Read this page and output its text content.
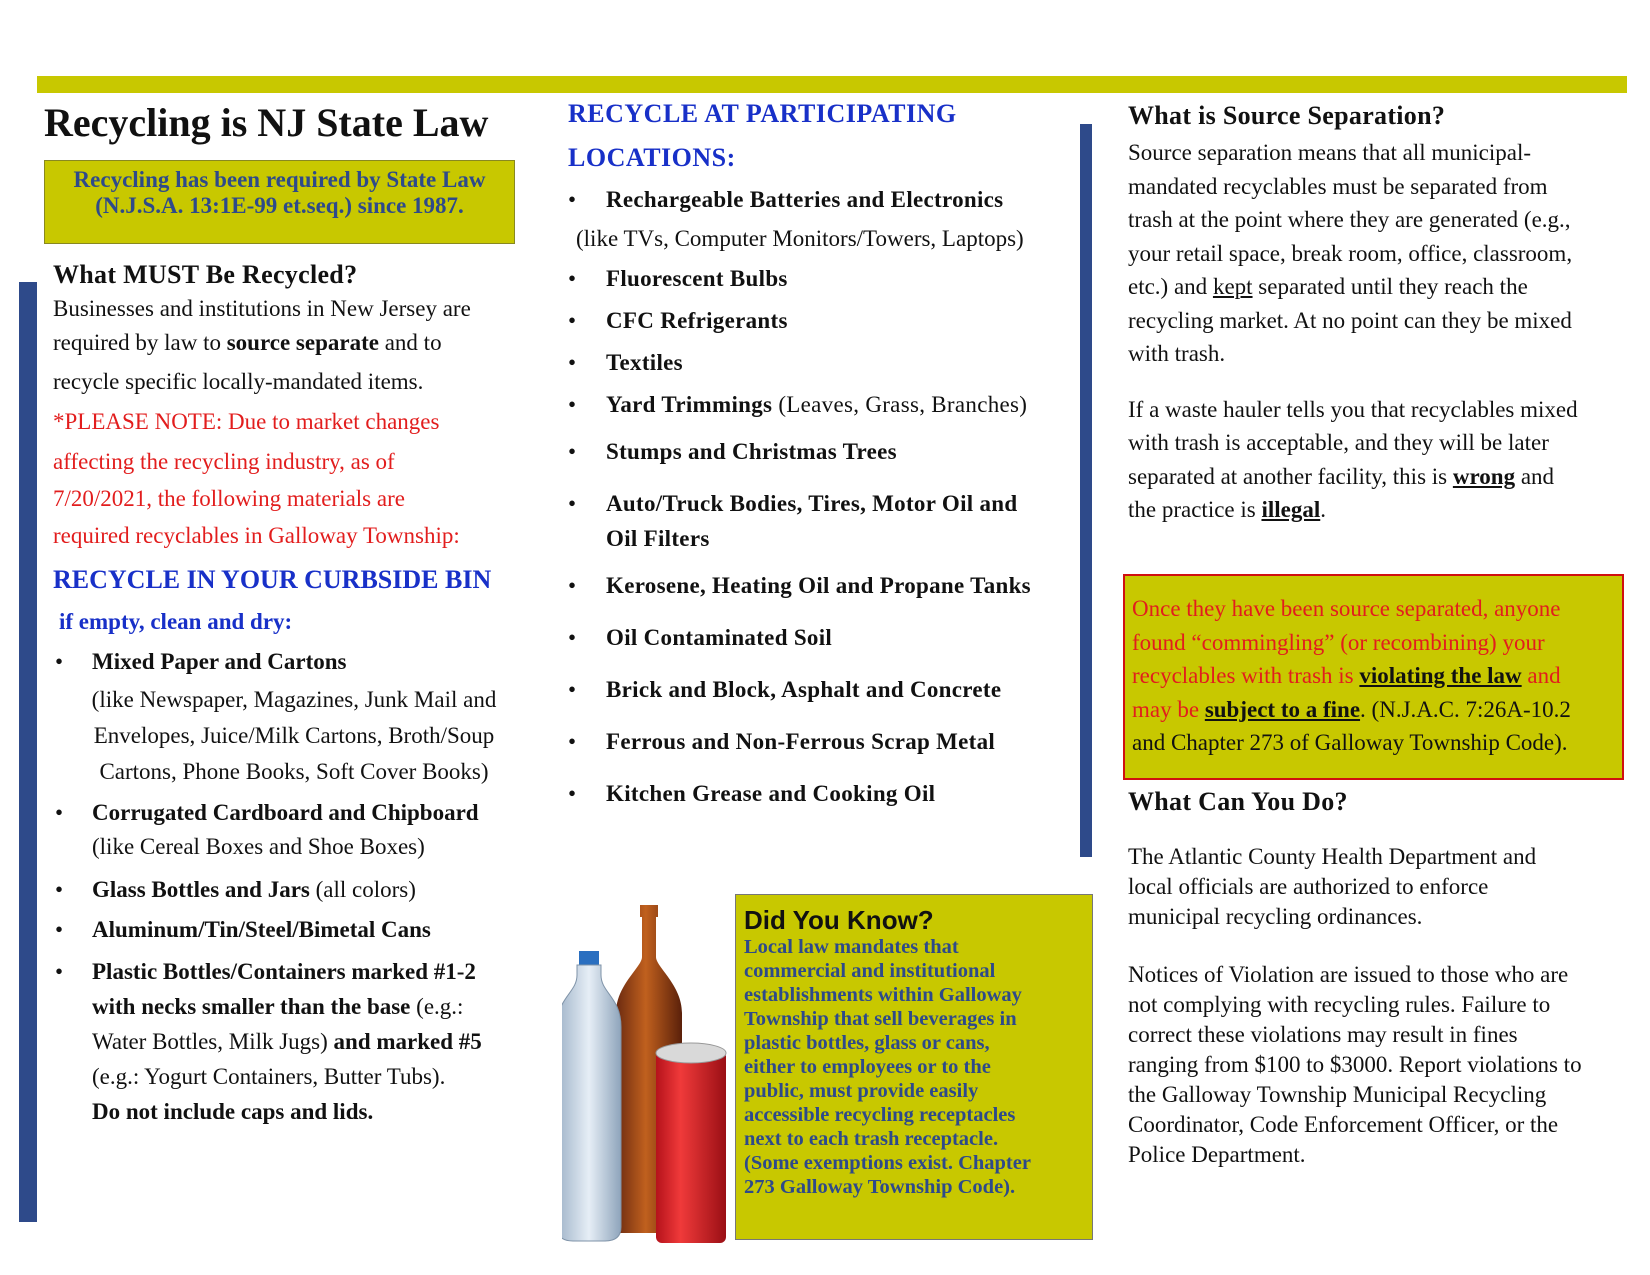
Recycling is NJ State Law
Recycling has been required by State Law
(N.J.S.A. 13:1E-99 et.seq.) since 1987.
What MUST Be Recycled?
Businesses and institutions in New Jersey are
required by law to source separate and to
recycle specific locally-mandated items.
*PLEASE NOTE: Due to market changes
affecting the recycling industry, as of
7/20/2021, the following materials are
required recyclables in Galloway Township:
RECYCLE IN YOUR CURBSIDE BIN
if empty, clean and dry:
• Mixed Paper and Cartons
(like Newspaper, Magazines, Junk Mail and
Envelopes, Juice/Milk Cartons, Broth/Soup
Cartons, Phone Books, Soft Cover Books)
• Corrugated Cardboard and Chipboard
(like Cereal Boxes and Shoe Boxes)
• Glass Bottles and Jars (all colors)
• Aluminum/Tin/Steel/Bimetal Cans
• Plastic Bottles/Containers marked #1-2
with necks smaller than the base (e.g.:
Water Bottles, Milk Jugs) and marked #5
(e.g.: Yogurt Containers, Butter Tubs).
Do not include caps and lids.
RECYCLE AT PARTICIPATING
LOCATIONS:
• Rechargeable Batteries and Electronics
(like TVs, Computer Monitors/Towers, Laptops)
• Fluorescent Bulbs
• CFC Refrigerants
• Textiles
• Yard Trimmings (Leaves, Grass, Branches)
• Stumps and Christmas Trees
• Auto/Truck Bodies, Tires, Motor Oil and
Oil Filters
• Kerosene, Heating Oil and Propane Tanks
• Oil Contaminated Soil
• Brick and Block, Asphalt and Concrete
• Ferrous and Non-Ferrous Scrap Metal
• Kitchen Grease and Cooking Oil
Did You Know?
Local law mandates that
commercial and institutional
establishments within Galloway
Township that sell beverages in
plastic bottles, glass or cans,
either to employees or to the
public, must provide easily
accessible recycling receptacles
next to each trash receptacle.
(Some exemptions exist. Chapter
273 Galloway Township Code).
What is Source Separation?
Source separation means that all municipal-
mandated recyclables must be separated from
trash at the point where they are generated (e.g.,
your retail space, break room, office, classroom,
etc.) and kept separated until they reach the
recycling market. At no point can they be mixed
with trash.
If a waste hauler tells you that recyclables mixed
with trash is acceptable, and they will be later
separated at another facility, this is wrong and
the practice is illegal.
Once they have been source separated, anyone
found “commingling” (or recombining) your
recyclables with trash is violating the law and
may be subject to a fine. (N.J.A.C. 7:26A-10.2
and Chapter 273 of Galloway Township Code).
What Can You Do?
The Atlantic County Health Department and
local officials are authorized to enforce
municipal recycling ordinances.
Notices of Violation are issued to those who are
not complying with recycling rules. Failure to
correct these violations may result in fines
ranging from $100 to $3000. Report violations to
the Galloway Township Municipal Recycling
Coordinator, Code Enforcement Officer, or the
Police Department.
